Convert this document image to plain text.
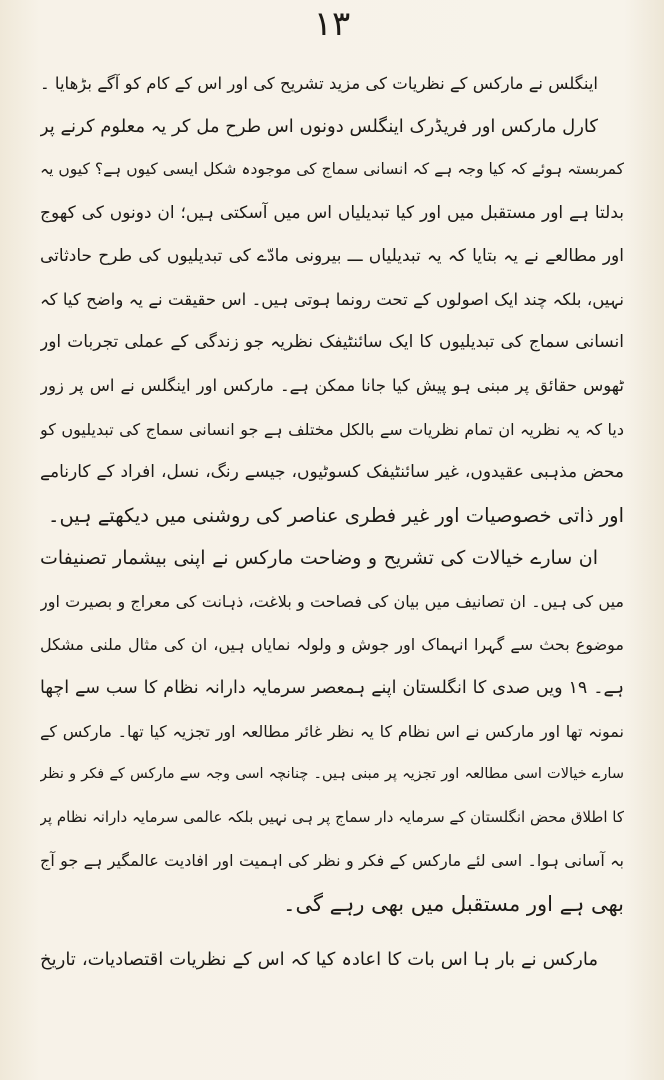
۱۳
اینگلس نے مارکس کے نظریات کی مزید تشریح کی اور اس کے کام کو آگے بڑھایا ۔
کارل مارکس اور فریڈرک اینگلس دونوں اس طرح مل کر یہ معلوم کرنے پر
کمربستہ ہوئے کہ کیا وجہ ہے کہ انسانی سماج کی موجودہ شکل ایسی کیوں ہے؟ کیوں یہ
بدلتا ہے اور مستقبل میں اور کیا تبدیلیاں اس میں آسکتی ہیں؛ ان دونوں کی کھوج
اور مطالعے نے یہ بتایا کہ یہ تبدیلیاں ـــ بیرونی مادّے کی تبدیلیوں کی طرح حادثاتی
نہیں، بلکہ چند ایک اصولوں کے تحت رونما ہوتی ہیں۔ اس حقیقت نے یہ واضح کیا کہ
انسانی سماج کی تبدیلیوں کا ایک سائنٹیفک نظریہ جو زندگی کے عملی تجربات اور
ٹھوس حقائق پر مبنی ہو پیش کیا جانا ممکن ہے۔ مارکس اور اینگلس نے اس پر زور
دیا کہ یہ نظریہ ان تمام نظریات سے بالکل مختلف ہے جو انسانی سماج کی تبدیلیوں کو
محض مذہبی عقیدوں، غیر سائنٹیفک کسوٹیوں، جیسے رنگ، نسل، افراد کے کارنامے
اور ذاتی خصوصیات اور غیر فطری عناصر کی روشنی میں دیکھتے ہیں۔
ان سارے خیالات کی تشریح و وضاحت مارکس نے اپنی بیشمار تصنیفات
میں کی ہیں۔ ان تصانیف میں بیان کی فصاحت و بلاغت، ذہانت کی معراج و بصیرت اور
موضوع بحث سے گہرا انہماک اور جوش و ولولہ نمایاں ہیں، ان کی مثال ملنی مشکل
ہے۔ ۱۹ ویں صدی کا انگلستان اپنے ہمعصر سرمایہ دارانہ نظام کا سب سے اچھا
نمونہ تھا اور مارکس نے اس نظام کا یہ نظر غائر مطالعہ اور تجزیہ کیا تھا۔ مارکس کے
سارے خیالات اسی مطالعہ اور تجزیہ پر مبنی ہیں۔ چنانچہ اسی وجہ سے مارکس کے فکر و نظر
کا اطلاق محض انگلستان کے سرمایہ دار سماج پر ہی نہیں بلکہ عالمی سرمایہ دارانہ نظام پر
بہ آسانی ہوا۔ اسی لئے مارکس کے فکر و نظر کی اہمیت اور افادیت عالمگیر ہے جو آج
بھی ہے اور مستقبل میں بھی رہے گی۔
مارکس نے بار ہا اس بات کا اعادہ کیا کہ اس کے نظریات اقتصادیات، تاریخ
